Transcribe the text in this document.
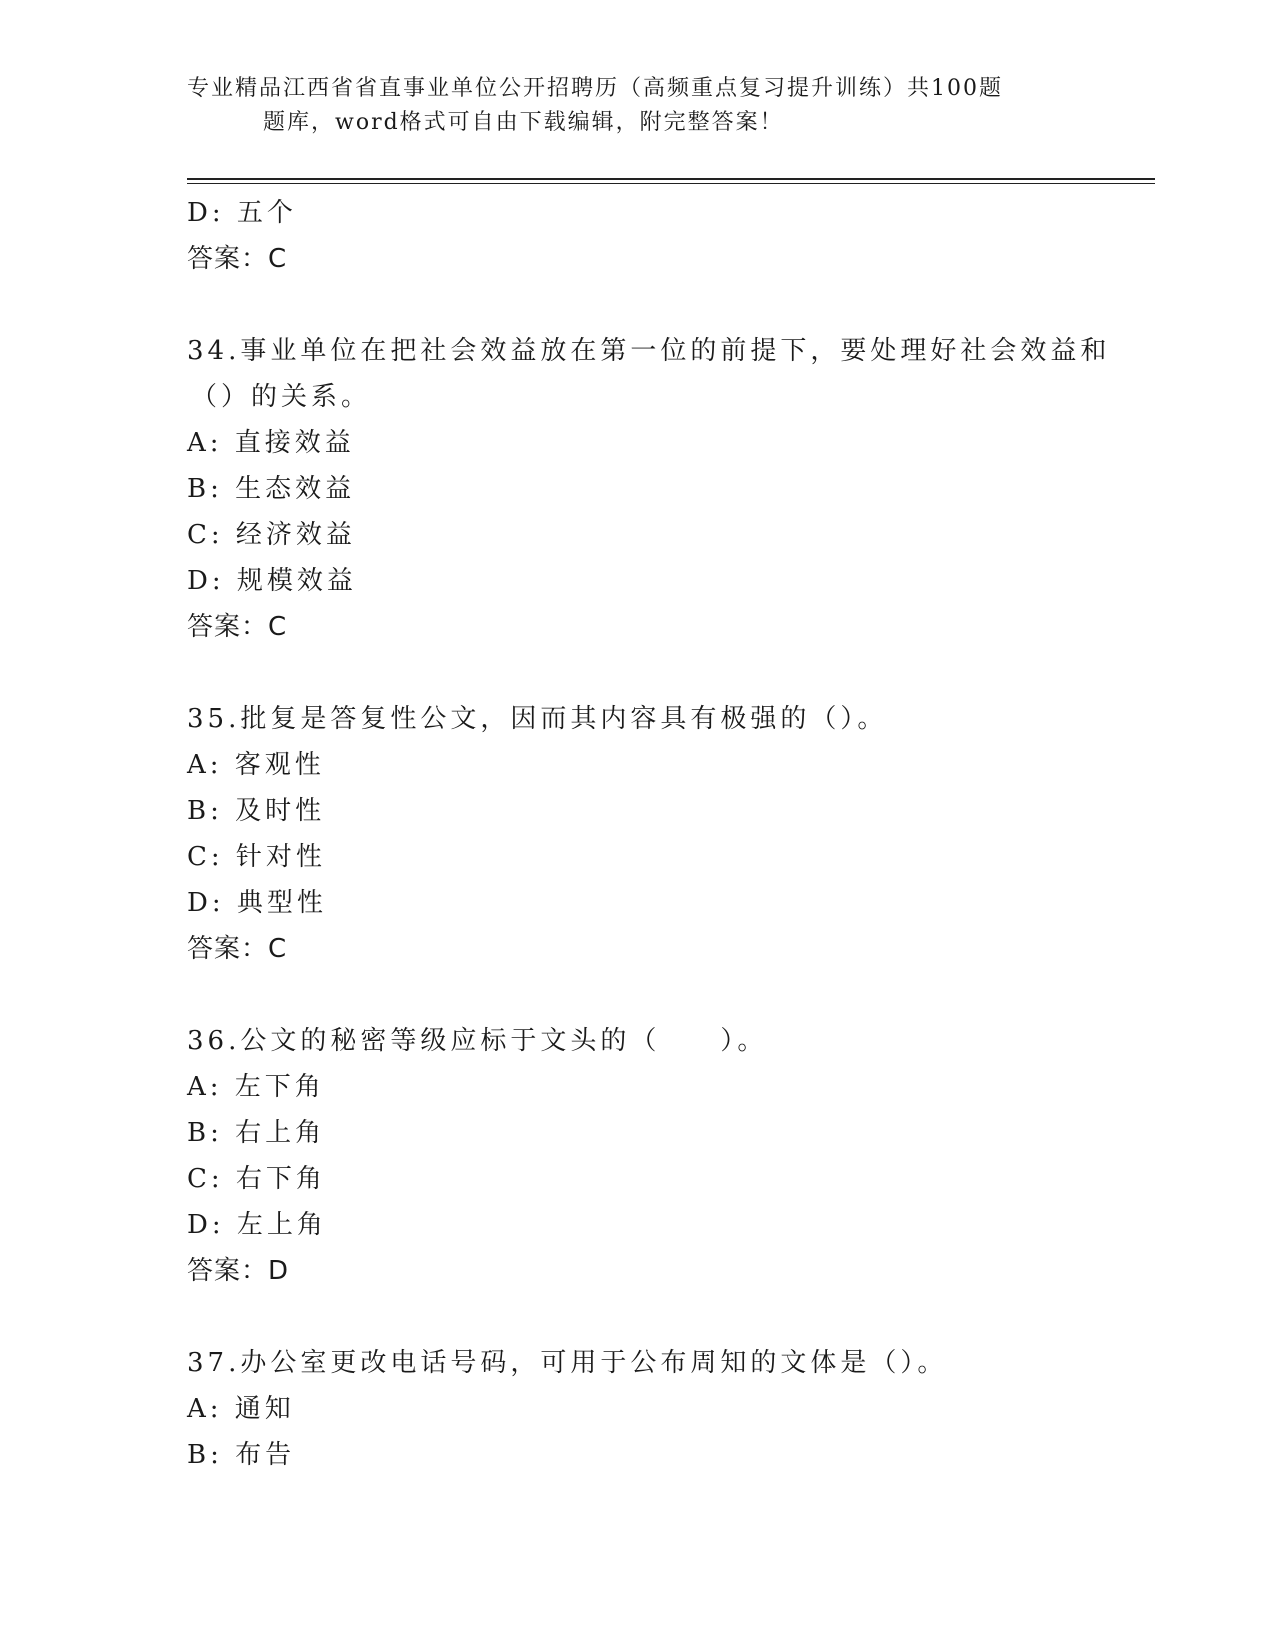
专业精品江西省省直事业单位公开招聘历（高频重点复习提升训练）共100题
题库，word格式可自由下载编辑，附完整答案！
D: 五个
答案：C
34.事业单位在把社会效益放在第一位的前提下，要处理好社会效益和
（）的关系。
A: 直接效益
B: 生态效益
C: 经济效益
D: 规模效益
答案：C
35.批复是答复性公文，因而其内容具有极强的（）。
A: 客观性
B: 及时性
C: 针对性
D: 典型性
答案：C
36.公文的秘密等级应标于文头的（　　）。
A: 左下角
B: 右上角
C: 右下角
D: 左上角
答案：D
37.办公室更改电话号码，可用于公布周知的文体是（）。
A: 通知
B: 布告
